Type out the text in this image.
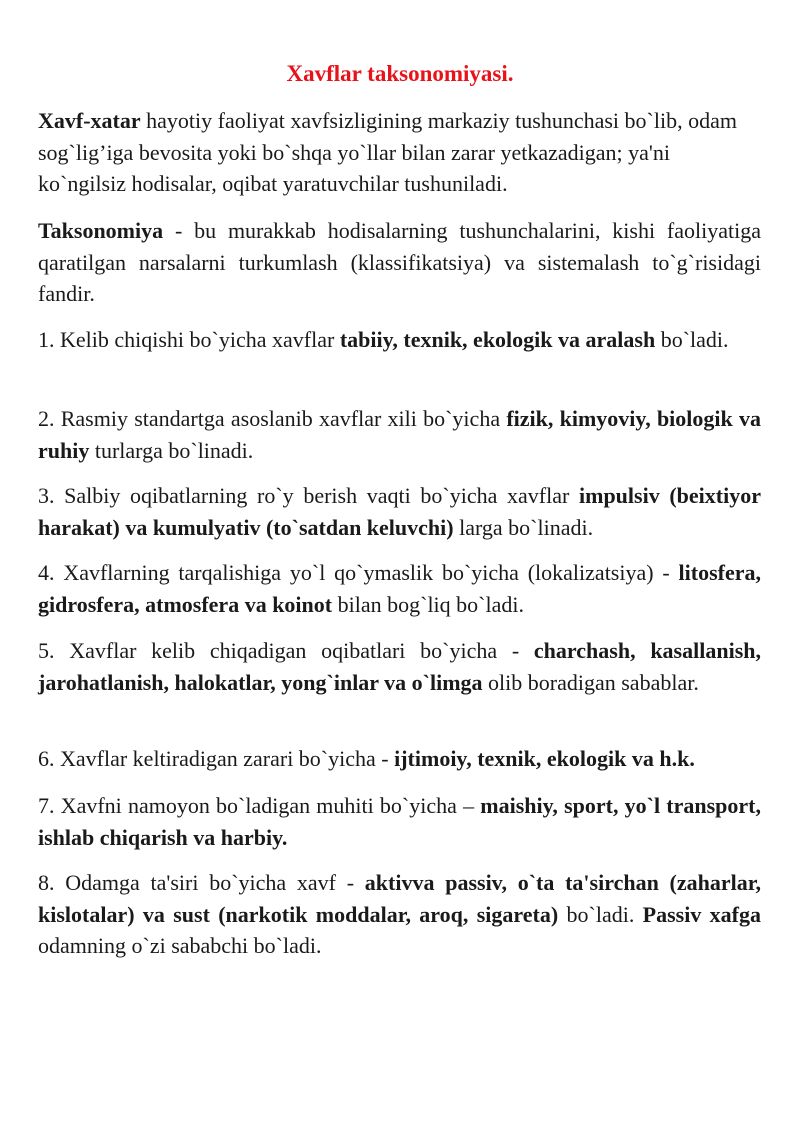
Xavflar taksonomiyasi.

Xavf-xatar hayotiy faoliyat xavfsizligining markaziy tushunchasi bo`lib, odam sog`lig’iga bevosita yoki bo`shqa yo`llar bilan zarar yetkazadigan; ya'ni ko`ngilsiz hodisalar, oqibat yaratuvchilar tushuniladi.

Taksonomiya - bu murakkab hodisalarning tushunchalarini, kishi faoliyatiga qaratilgan narsalarni turkumlash (klassifikatsiya) va sistemalash to`g`risidagi fandir.

1. Kelib chiqishi bo`yicha xavflar tabiiy, texnik, ekologik va aralash bo`ladi.

2. Rasmiy standartga asoslanib xavflar xili bo`yicha fizik, kimyoviy, biologik va ruhiy turlarga bo`linadi.

3. Salbiy oqibatlarning ro`y berish vaqti bo`yicha xavflar impulsiv (beixtiyor harakat) va kumulyativ (to`satdan keluvchi) larga bo`linadi.

4. Xavflarning tarqalishiga yo`l qo`ymaslik bo`yicha (lokalizatsiya) - litosfera, gidrosfera, atmosfera va koinot bilan bog`liq bo`ladi.

5. Xavflar kelib chiqadigan oqibatlari bo`yicha - charchash, kasallanish, jarohatlanish, halokatlar, yong`inlar va o`limga olib boradigan sabablar.

6. Xavflar keltiradigan zarari bo`yicha - ijtimoiy, texnik, ekologik va h.k.

7. Xavfni namoyon bo`ladigan muhiti bo`yicha – maishiy, sport, yo`l transport, ishlab chiqarish va harbiy.

8. Odamga ta'siri bo`yicha xavf - aktivva passiv, o`ta ta'sirchan (zaharlar, kislotalar) va sust (narkotik moddalar, aroq, sigareta) bo`ladi. Passiv xafga  odamning o`zi sababchi bo`ladi.
